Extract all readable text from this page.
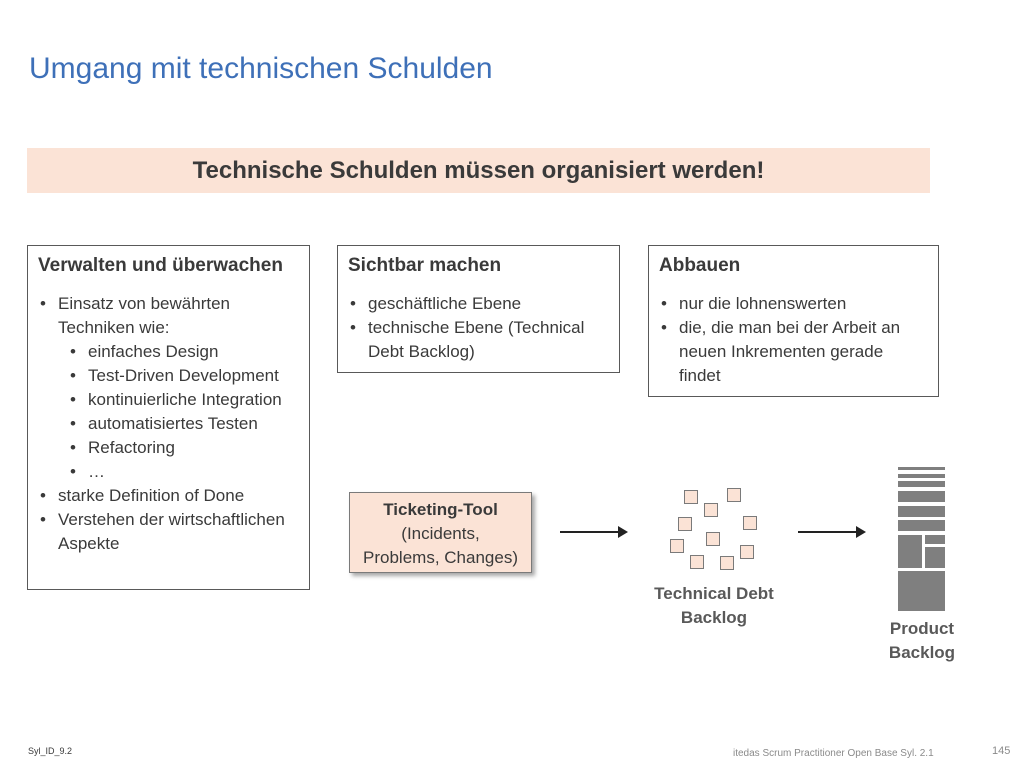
Umgang mit technischen Schulden
Technische Schulden müssen organisiert werden!
Verwalten und überwachen
• Einsatz von bewährten Techniken wie:
• einfaches Design
• Test-Driven Development
• kontinuierliche Integration
• automatisiertes Testen
• Refactoring
• …
• starke Definition of Done
• Verstehen der wirtschaftlichen Aspekte
Sichtbar machen
• geschäftliche Ebene
• technische Ebene (Technical Debt Backlog)
Abbauen
• nur die lohnenswerten
• die, die man bei der Arbeit an neuen Inkrementen gerade findet
Ticketing-Tool
(Incidents,
Problems, Changes)
Technical Debt
Backlog
Product
Backlog
Syl_ID_9.2	itedas Scrum Practitioner Open Base Syl. 2.1	145
